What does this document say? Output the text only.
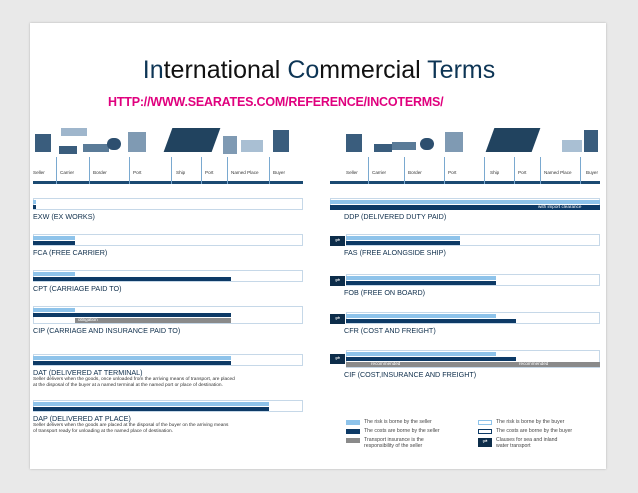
International Commercial Terms
HTTP://WWW.SEARATES.COM/REFERENCE/INCOTERMS/
Seller	Carrier	Border	Port	Ship	Port	Named Place	Buyer
EXW (EX WORKS)
FCA (FREE CARRIER)
CPT (CARRIAGE PAID TO)
obligation
CIP (CARRIAGE AND INSURANCE PAID TO)
DAT (DELIVERED AT TERMINAL)
Seller delivers when the goods, once unloaded from the arriving means of transport, are placed
at the disposal of the buyer at a named terminal at the named port or place of destination.
DAP (DELIVERED AT PLACE)
Seller delivers when the goods are placed at the disposal of the buyer on the arriving means
of transport ready for unloading at the named place of destination.
Seller	Carrier	Border	Port	Ship	Port	Named Place	Buyer
with import clearance
DDP (DELIVERED DUTY PAID)
⇌
FAS (FREE ALONGSIDE SHIP)
⇌
FOB (FREE ON BOARD)
⇌
CFR (COST AND FREIGHT)
⇌
recommended	recommended
CIF (COST,INSURANCE AND FREIGHT)
The risk is borne by the seller
The costs are borne by the seller
Transport insurance is the
responsibility of the seller
The risk is borne by the buyer
The costs are borne by the buyer
⇌	Clauses for sea and inland
water transport
